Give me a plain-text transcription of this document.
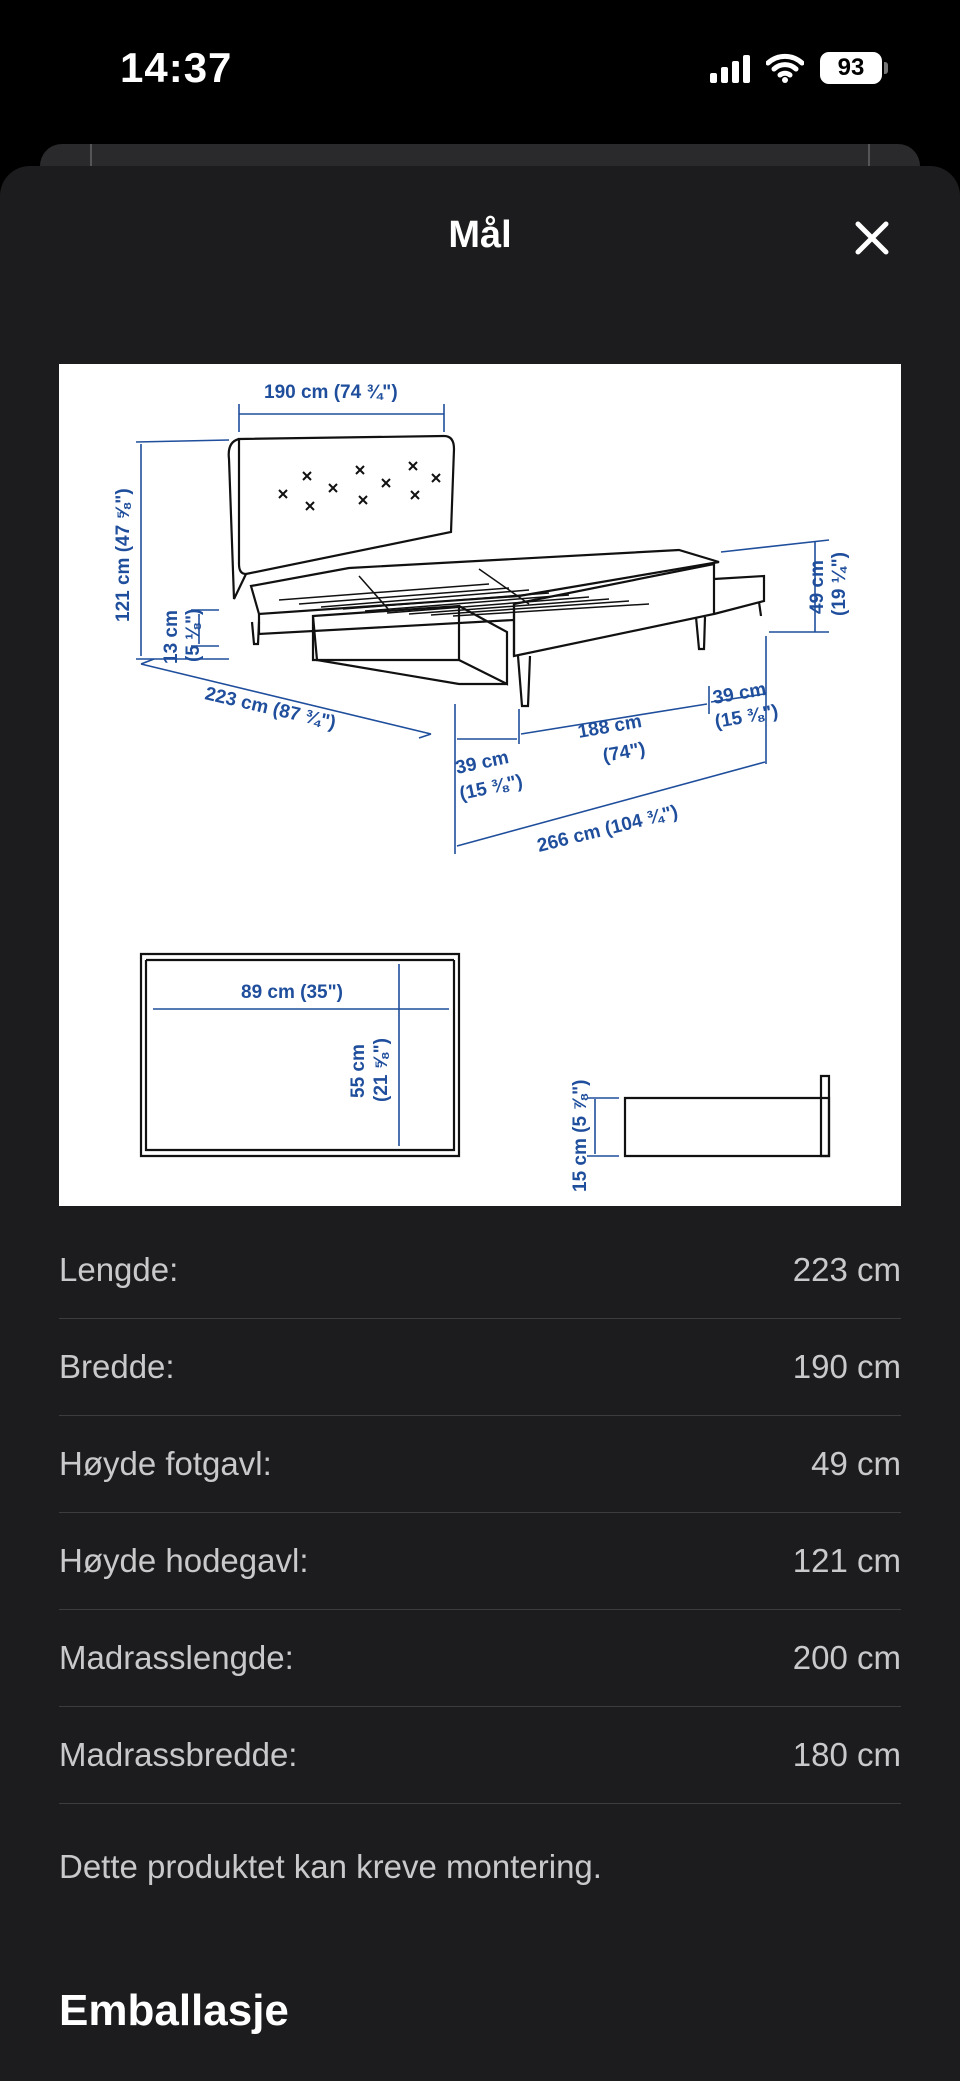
14:37	93
Mål
190 cm (74 ¾")
121 cm (47 ⅝")
13 cm (5 ⅛")
223 cm (87 ¾")
49 cm (19 ¼")
39 cm
(15 ⅜")
188 cm
(74")
39 cm
(15 ⅜")
266 cm (104 ¾")
89 cm (35")
55 cm (21 ⅝")
15 cm (5 ⅞")
Lengde:	223 cm
Bredde:	190 cm
Høyde fotgavl:	49 cm
Høyde hodegavl:	121 cm
Madrasslengde:	200 cm
Madrassbredde:	180 cm
Dette produktet kan kreve montering.
Emballasje
